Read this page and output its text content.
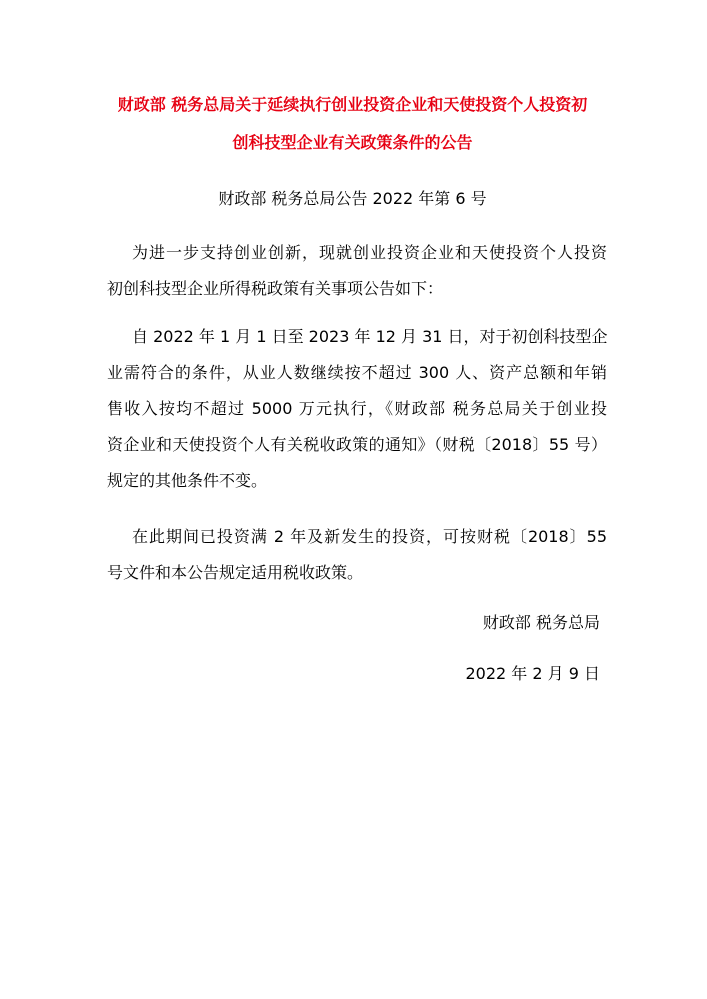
财政部 税务总局关于延续执行创业投资企业和天使投资个人投资初
创科技型企业有关政策条件的公告
财政部 税务总局公告 2022 年第 6 号
为进一步支持创业创新，现就创业投资企业和天使投资个人投资
初创科技型企业所得税政策有关事项公告如下：
自 2022 年 1 月 1 日至 2023 年 12 月 31 日，对于初创科技型企
业需符合的条件，从业人数继续按不超过 300 人、资产总额和年销
售收入按均不超过 5000 万元执行，《财政部 税务总局关于创业投
资企业和天使投资个人有关税收政策的通知》（财税〔2018〕55 号）
规定的其他条件不变。
在此期间已投资满 2 年及新发生的投资，可按财税〔2018〕55
号文件和本公告规定适用税收政策。
财政部 税务总局
2022 年 2 月 9 日
